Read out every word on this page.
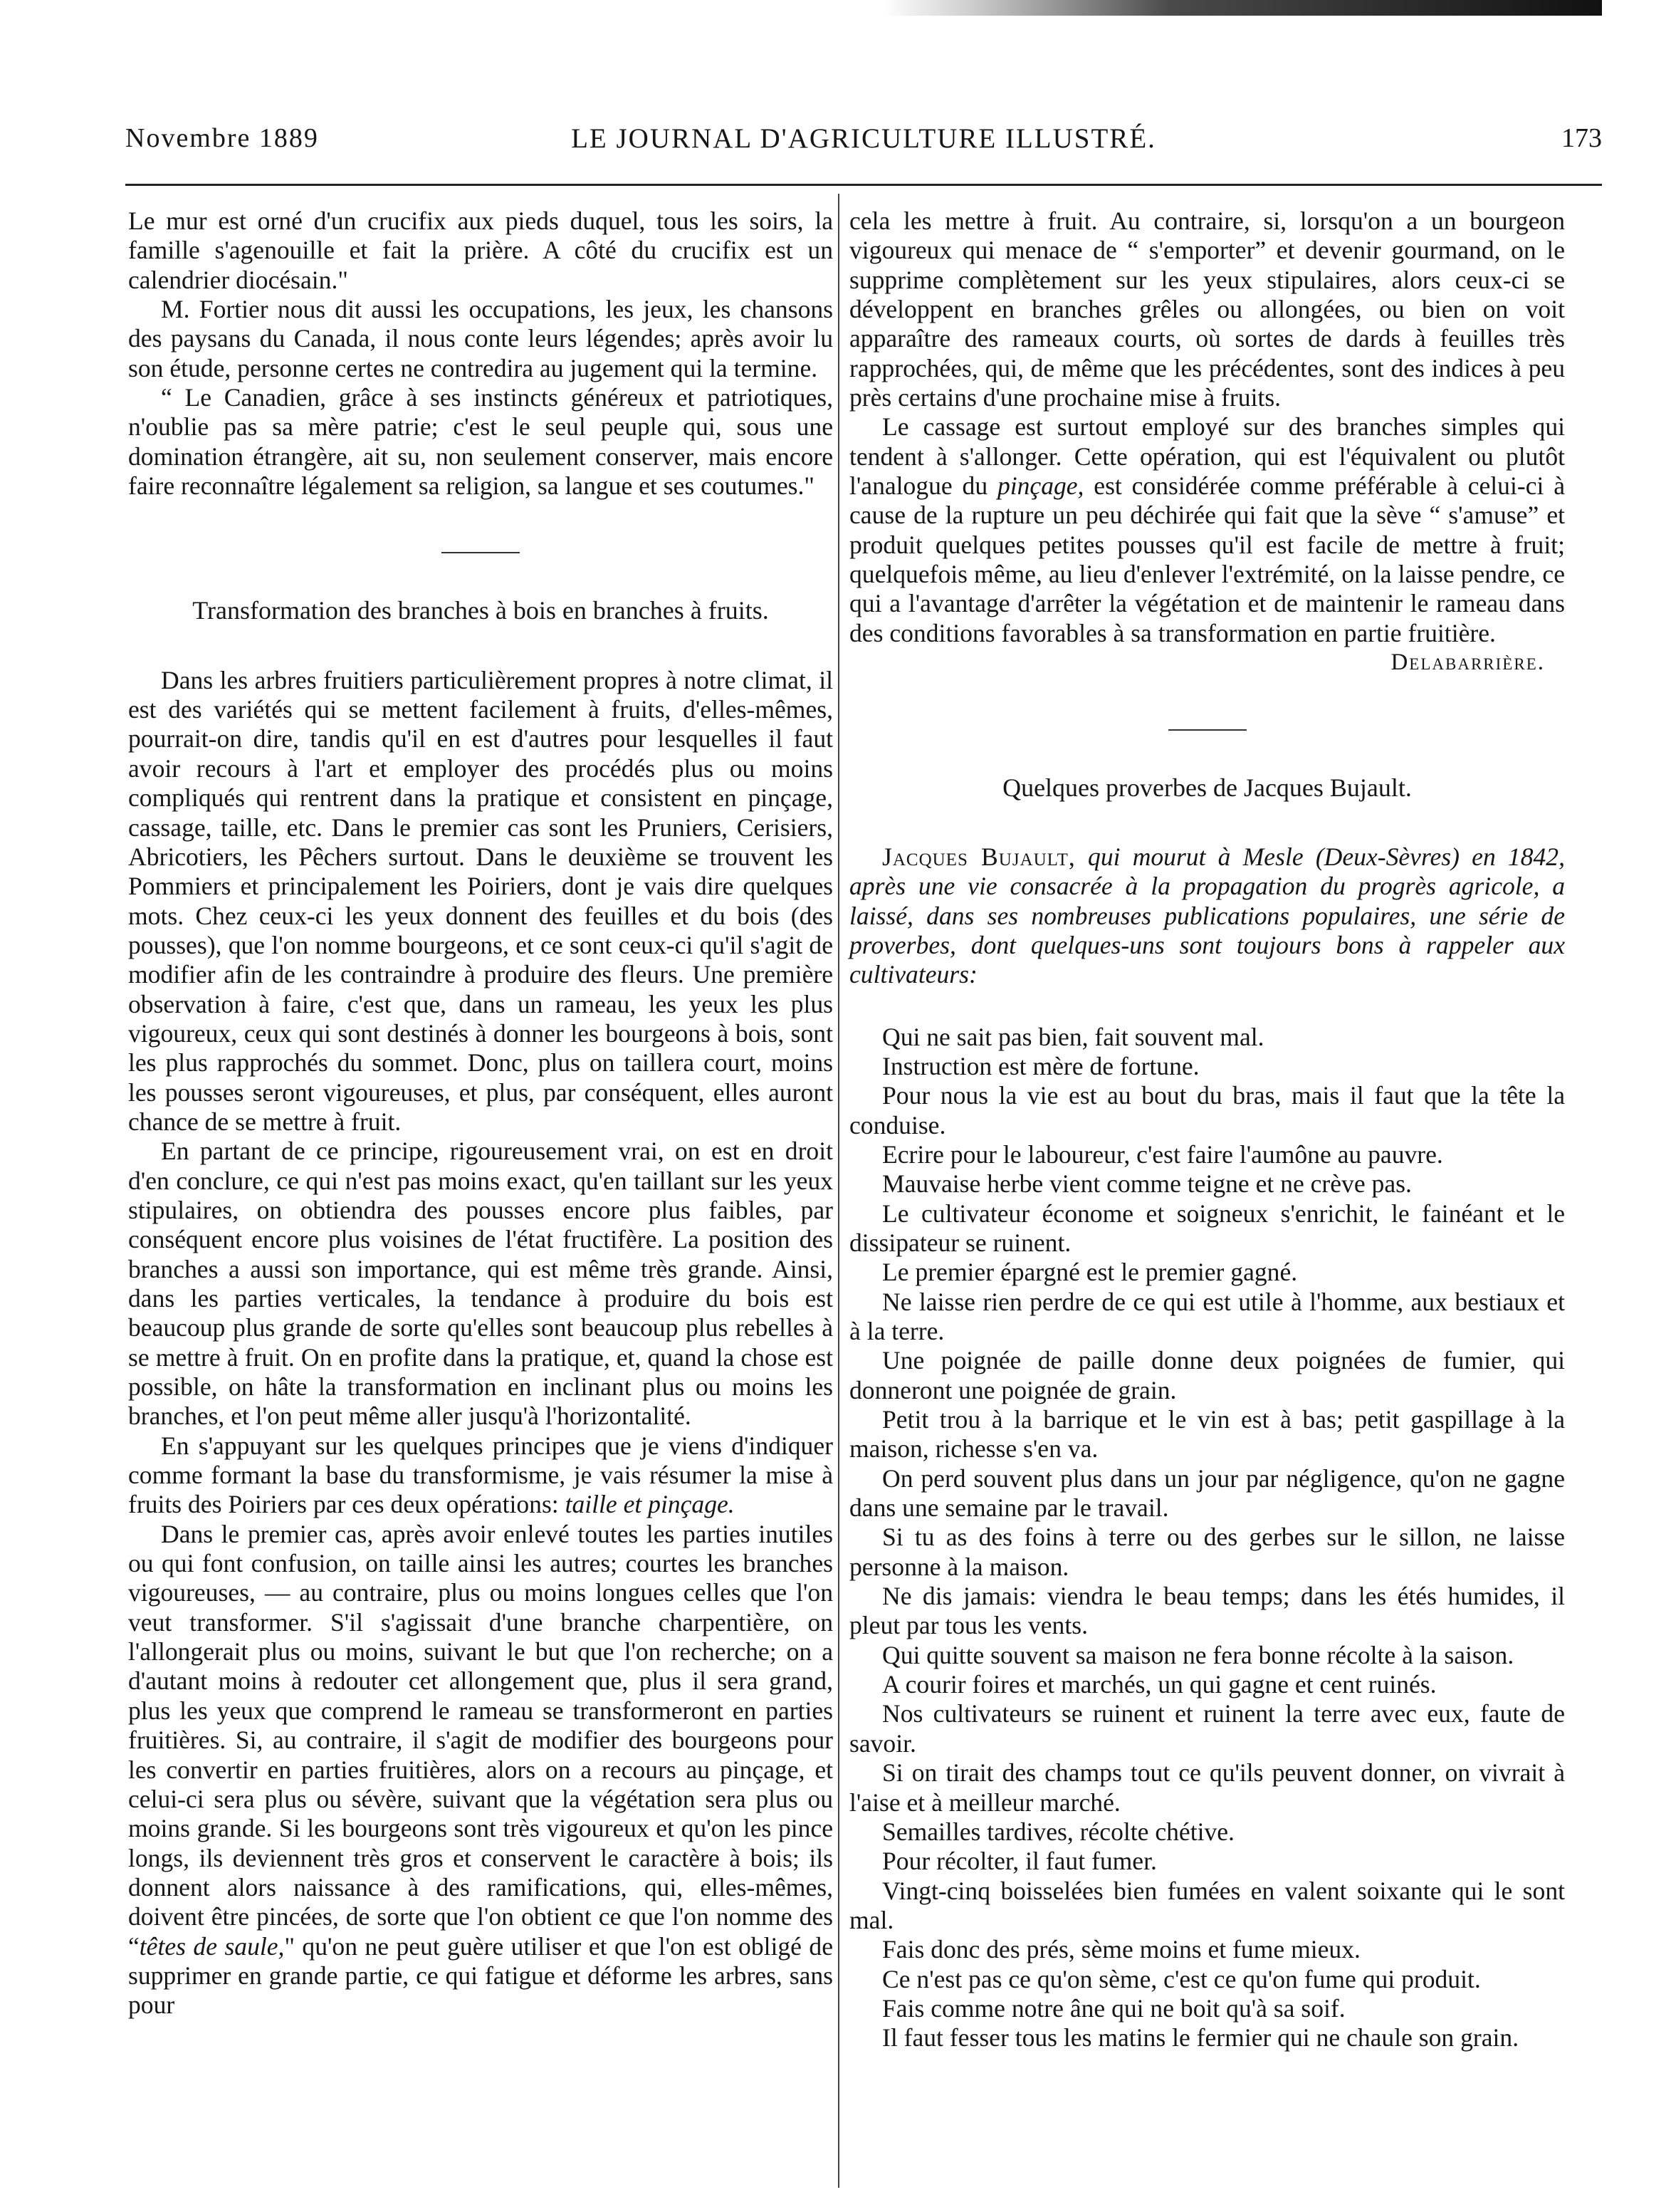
Novembre 1889	LE JOURNAL D'AGRICULTURE ILLUSTRÉ.	173

Le mur est orné d'un crucifix aux pieds duquel, tous les soirs, la famille s'agenouille et fait la prière. A côté du crucifix est un calendrier diocésain."

M. Fortier nous dit aussi les occupations, les jeux, les chansons des paysans du Canada, il nous conte leurs légendes; après avoir lu son étude, personne certes ne contredira au jugement qui la termine.

“ Le Canadien, grâce à ses instincts généreux et patriotiques, n'oublie pas sa mère patrie; c'est le seul peuple qui, sous une domination étrangère, ait su, non seulement conserver, mais encore faire reconnaître légalement sa religion, sa langue et ses coutumes."

Transformation des branches à bois en branches à fruits.

Dans les arbres fruitiers particulièrement propres à notre climat, il est des variétés qui se mettent facilement à fruits, d'elles-mêmes, pourrait-on dire, tandis qu'il en est d'autres pour lesquelles il faut avoir recours à l'art et employer des procédés plus ou moins compliqués qui rentrent dans la pratique et consistent en pinçage, cassage, taille, etc. Dans le premier cas sont les Pruniers, Cerisiers, Abricotiers, les Pêchers surtout. Dans le deuxième se trouvent les Pommiers et principalement les Poiriers, dont je vais dire quelques mots. Chez ceux-ci les yeux donnent des feuilles et du bois (des pousses), que l'on nomme bourgeons, et ce sont ceux-ci qu'il s'agit de modifier afin de les contraindre à produire des fleurs. Une première observation à faire, c'est que, dans un rameau, les yeux les plus vigoureux, ceux qui sont destinés à donner les bourgeons à bois, sont les plus rapprochés du sommet. Donc, plus on taillera court, moins les pousses seront vigoureuses, et plus, par conséquent, elles auront chance de se mettre à fruit.

En partant de ce principe, rigoureusement vrai, on est en droit d'en conclure, ce qui n'est pas moins exact, qu'en taillant sur les yeux stipulaires, on obtiendra des pousses encore plus faibles, par conséquent encore plus voisines de l'état fructifère. La position des branches a aussi son importance, qui est même très grande. Ainsi, dans les parties verticales, la tendance à produire du bois est beaucoup plus grande de sorte qu'elles sont beaucoup plus rebelles à se mettre à fruit. On en profite dans la pratique, et, quand la chose est possible, on hâte la transformation en inclinant plus ou moins les branches, et l'on peut même aller jusqu'à l'horizontalité.

En s'appuyant sur les quelques principes que je viens d'indiquer comme formant la base du transformisme, je vais résumer la mise à fruits des Poiriers par ces deux opérations: taille et pinçage.

Dans le premier cas, après avoir enlevé toutes les parties inutiles ou qui font confusion, on taille ainsi les autres; courtes les branches vigoureuses, — au contraire, plus ou moins longues celles que l'on veut transformer. S'il s'agissait d'une branche charpentière, on l'allongerait plus ou moins, suivant le but que l'on recherche; on a d'autant moins à redouter cet allongement que, plus il sera grand, plus les yeux que comprend le rameau se transformeront en parties fruitières. Si, au contraire, il s'agit de modifier des bourgeons pour les convertir en parties fruitières, alors on a recours au pinçage, et celui-ci sera plus ou sévère, suivant que la végétation sera plus ou moins grande. Si les bourgeons sont très vigoureux et qu'on les pince longs, ils deviennent très gros et conservent le caractère à bois; ils donnent alors naissance à des ramifications, qui, elles-mêmes, doivent être pincées, de sorte que l'on obtient ce que l'on nomme des “têtes de saule," qu'on ne peut guère utiliser et que l'on est obligé de supprimer en grande partie, ce qui fatigue et déforme les arbres, sans pour

cela les mettre à fruit. Au contraire, si, lorsqu'on a un bourgeon vigoureux qui menace de “ s'emporter” et devenir gourmand, on le supprime complètement sur les yeux stipulaires, alors ceux-ci se développent en branches grêles ou allongées, ou bien on voit apparaître des rameaux courts, où sortes de dards à feuilles très rapprochées, qui, de même que les précédentes, sont des indices à peu près certains d'une prochaine mise à fruits.

Le cassage est surtout employé sur des branches simples qui tendent à s'allonger. Cette opération, qui est l'équivalent ou plutôt l'analogue du pinçage, est considérée comme préférable à celui-ci à cause de la rupture un peu déchirée qui fait que la sève “ s'amuse” et produit quelques petites pousses qu'il est facile de mettre à fruit; quelquefois même, au lieu d'enlever l'extrémité, on la laisse pendre, ce qui a l'avantage d'arrêter la végétation et de maintenir le rameau dans des conditions favorables à sa transformation en partie fruitière.

Delabarrière.

Quelques proverbes de Jacques Bujault.

Jacques Bujault, qui mourut à Mesle (Deux-Sèvres) en 1842, après une vie consacrée à la propagation du progrès agricole, a laissé, dans ses nombreuses publications populaires, une série de proverbes, dont quelques-uns sont toujours bons à rappeler aux cultivateurs:

Qui ne sait pas bien, fait souvent mal.

Instruction est mère de fortune.

Pour nous la vie est au bout du bras, mais il faut que la tête la conduise.

Ecrire pour le laboureur, c'est faire l'aumône au pauvre.

Mauvaise herbe vient comme teigne et ne crève pas.

Le cultivateur économe et soigneux s'enrichit, le fainéant et le dissipateur se ruinent.

Le premier épargné est le premier gagné.

Ne laisse rien perdre de ce qui est utile à l'homme, aux bestiaux et à la terre.

Une poignée de paille donne deux poignées de fumier, qui donneront une poignée de grain.

Petit trou à la barrique et le vin est à bas; petit gaspillage à la maison, richesse s'en va.

On perd souvent plus dans un jour par négligence, qu'on ne gagne dans une semaine par le travail.

Si tu as des foins à terre ou des gerbes sur le sillon, ne laisse personne à la maison.

Ne dis jamais: viendra le beau temps; dans les étés humides, il pleut par tous les vents.

Qui quitte souvent sa maison ne fera bonne récolte à la saison.

A courir foires et marchés, un qui gagne et cent ruinés.

Nos cultivateurs se ruinent et ruinent la terre avec eux, faute de savoir.

Si on tirait des champs tout ce qu'ils peuvent donner, on vivrait à l'aise et à meilleur marché.

Semailles tardives, récolte chétive.

Pour récolter, il faut fumer.

Vingt-cinq boisselées bien fumées en valent soixante qui le sont mal.

Fais donc des prés, sème moins et fume mieux.

Ce n'est pas ce qu'on sème, c'est ce qu'on fume qui produit.

Fais comme notre âne qui ne boit qu'à sa soif.

Il faut fesser tous les matins le fermier qui ne chaule son grain.
